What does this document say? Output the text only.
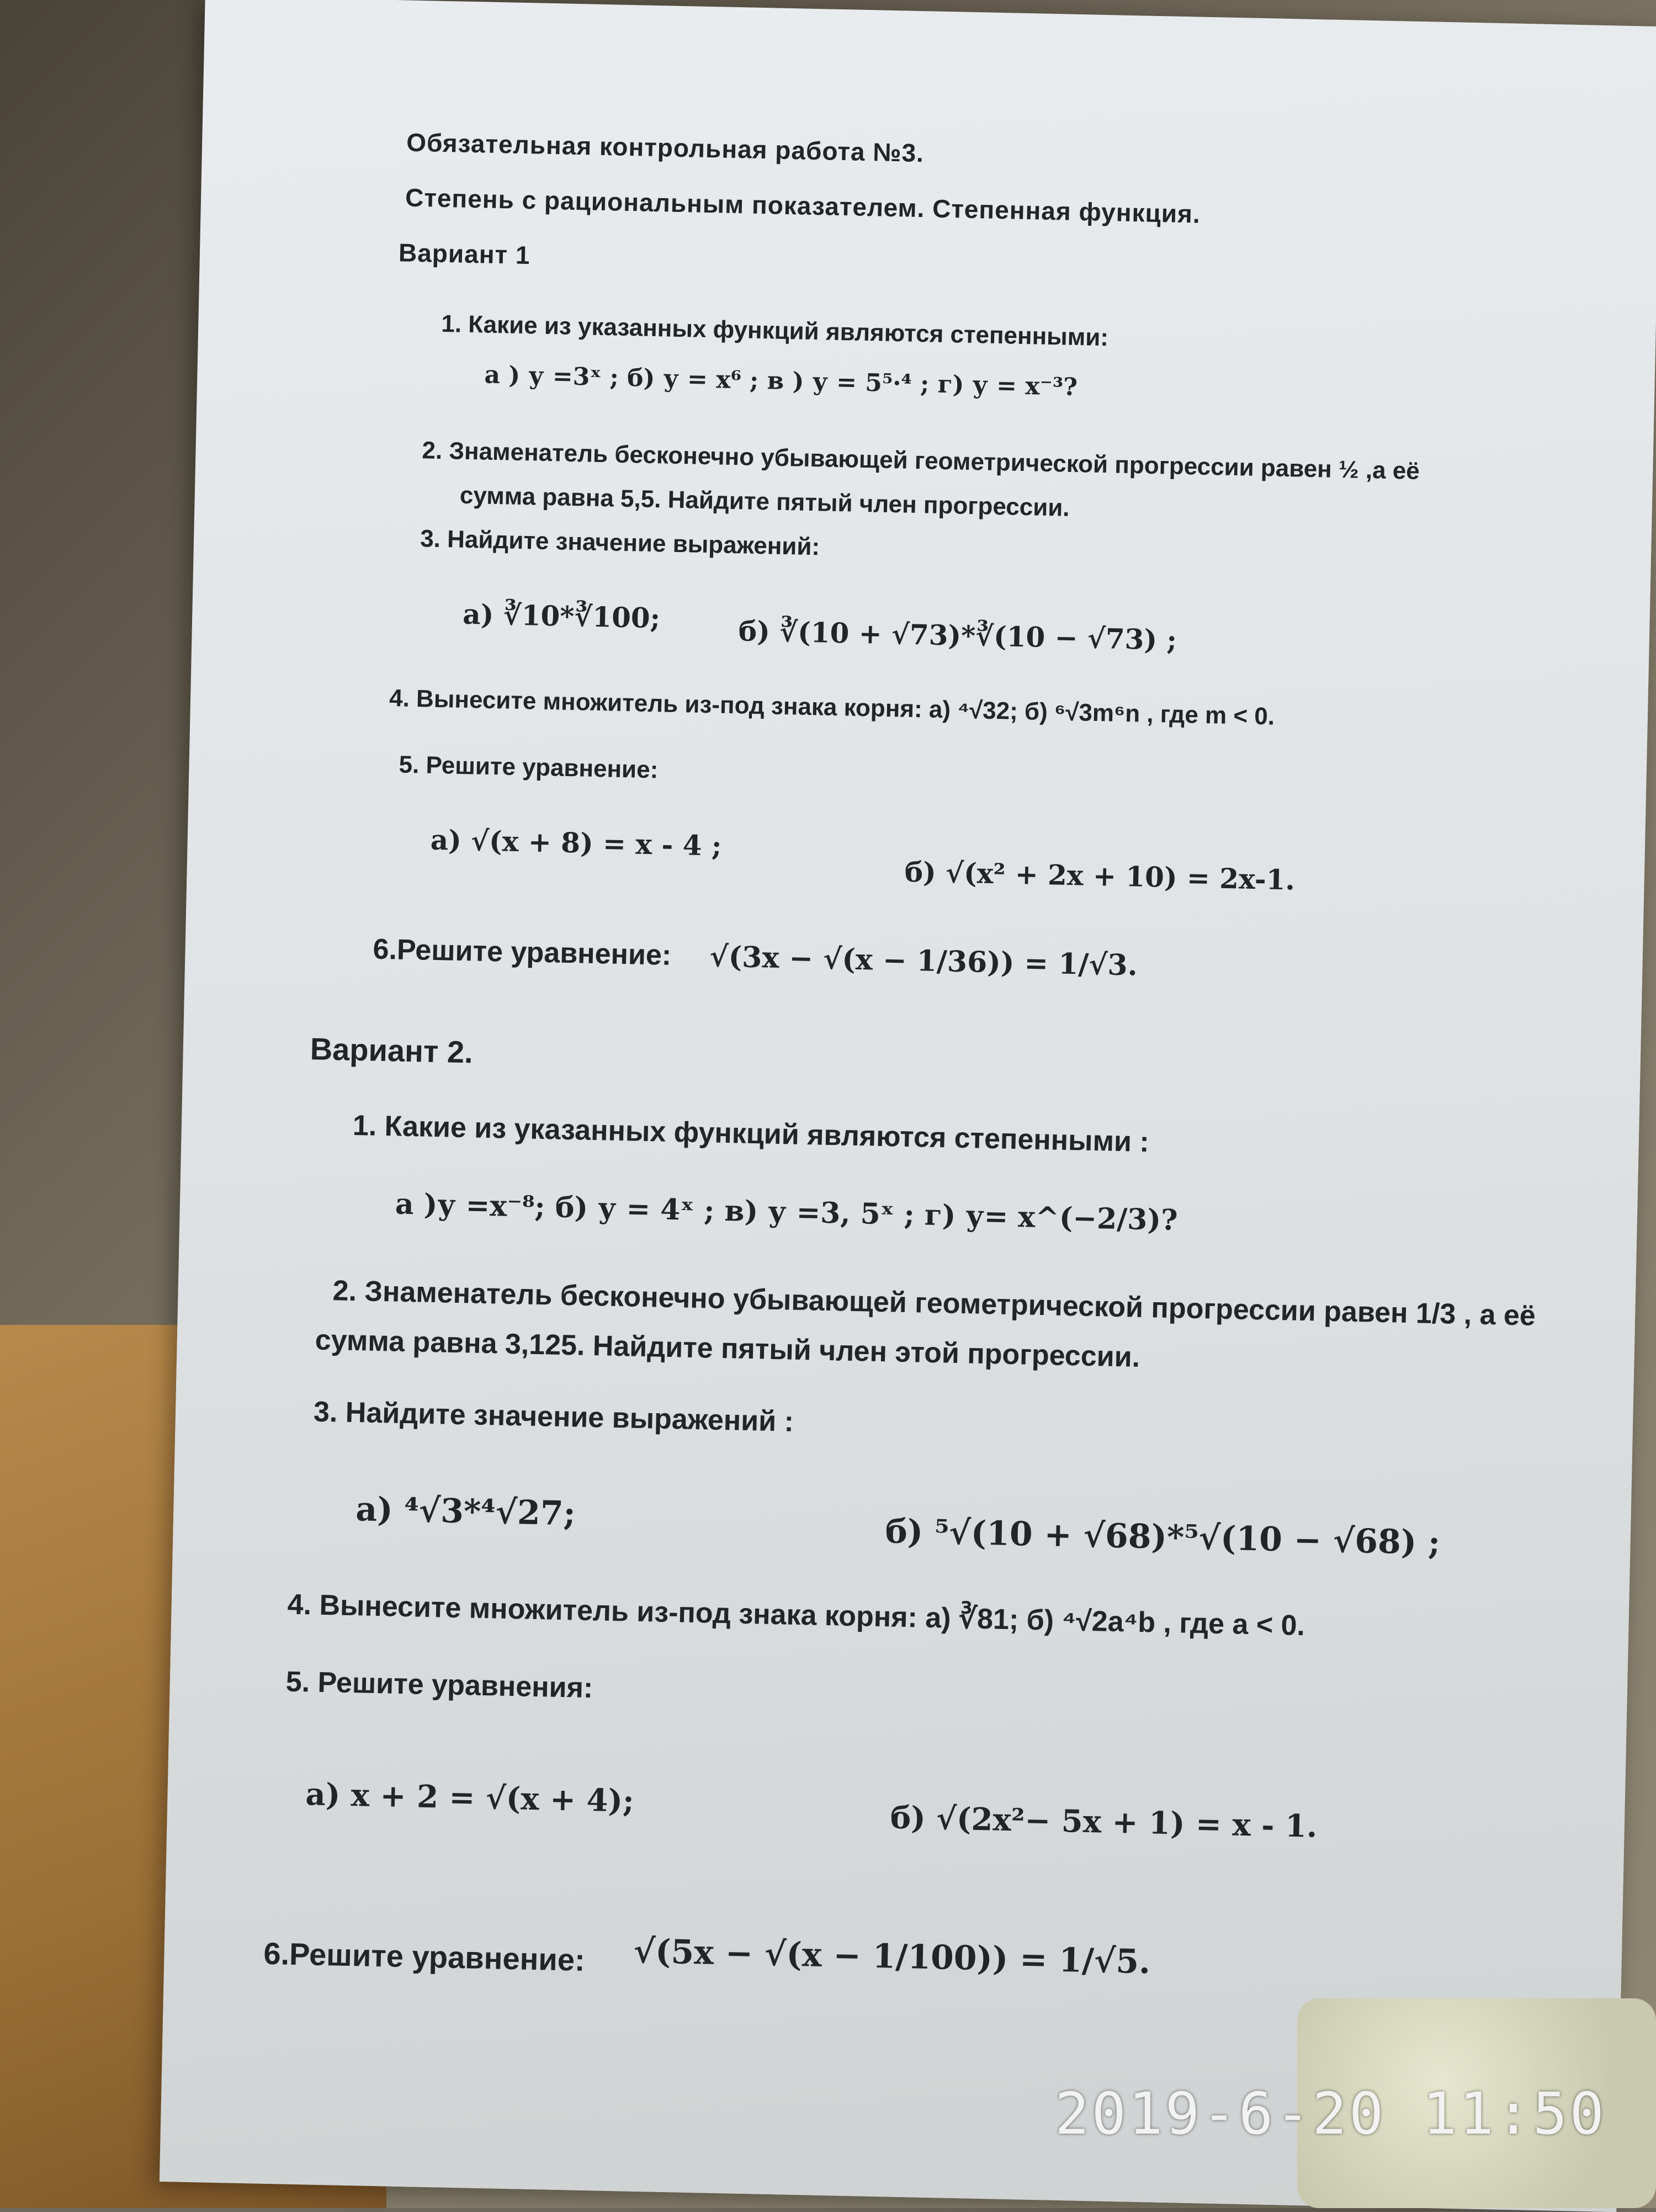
Обязательная контрольная работа №3.
Степень с рациональным показателем. Степенная функция.
Вариант 1
1. Какие из указанных функций являются степенными:
а ) у =3ˣ ; б) у = x⁶ ; в ) у = 5⁵·⁴ ; г) у = x⁻³?
2. Знаменатель бесконечно убывающей геометрической прогрессии равен ½ ,а её
сумма равна 5,5. Найдите пятый член прогрессии.
3. Найдите значение выражений:
а) ∛10*∛100;	б) ∛(10 + √73)*∛(10 − √73) ;
4. Вынесите множитель из-под знака корня: а) ⁴√32; б) ⁶√3m⁶n , где m < 0.
5. Решите уравнение:
а) √(x + 8) = x - 4 ;
б) √(x² + 2x + 10) = 2x-1.
6.Решите уравнение: √(3x − √(x − 1/36)) = 1/√3.
Вариант 2.
1. Какие из указанных функций являются степенными :
а )у =x⁻⁸; б) у = 4ˣ ; в) у =3, 5ˣ ; г) у= x^(−2/3)?
2. Знаменатель бесконечно убывающей геометрической прогрессии равен 1/3 , а её
сумма равна 3,125. Найдите пятый член этой прогрессии.
3. Найдите значение выражений :
а) ⁴√3*⁴√27;
б) ⁵√(10 + √68)*⁵√(10 − √68) ;
4. Вынесите множитель из-под знака корня: а) ∛81; б) ⁴√2a⁴b , где a < 0.
5. Решите уравнения:
а) x + 2 = √(x + 4);
б) √(2x²− 5x + 1) = x - 1.
6.Решите уравнение: √(5x − √(x − 1/100)) = 1/√5.
2019-6-20 11:50
